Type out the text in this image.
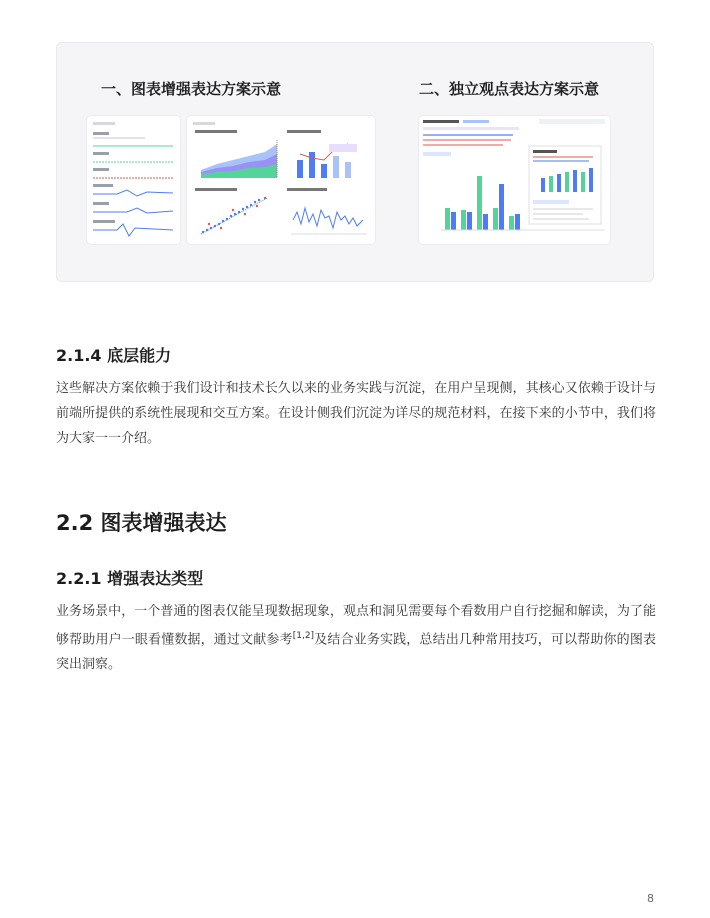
一、图表增强表达方案示意	二、独立观点表达方案示意
2.1.4 底层能力
这些解决方案依赖于我们设计和技术长久以来的业务实践与沉淀，在用户呈现侧，其核心又依赖于设计与前端所提供的系统性展现和交互方案。在设计侧我们沉淀为详尽的规范材料，在接下来的小节中，我们将为大家一一介绍。
2.2 图表增强表达
2.2.1 增强表达类型
业务场景中，一个普通的图表仅能呈现数据现象，观点和洞见需要每个看数用户自行挖掘和解读，为了能够帮助用户一眼看懂数据，通过文献参考[1,2]及结合业务实践，总结出几种常用技巧，可以帮助你的图表突出洞察。
8
